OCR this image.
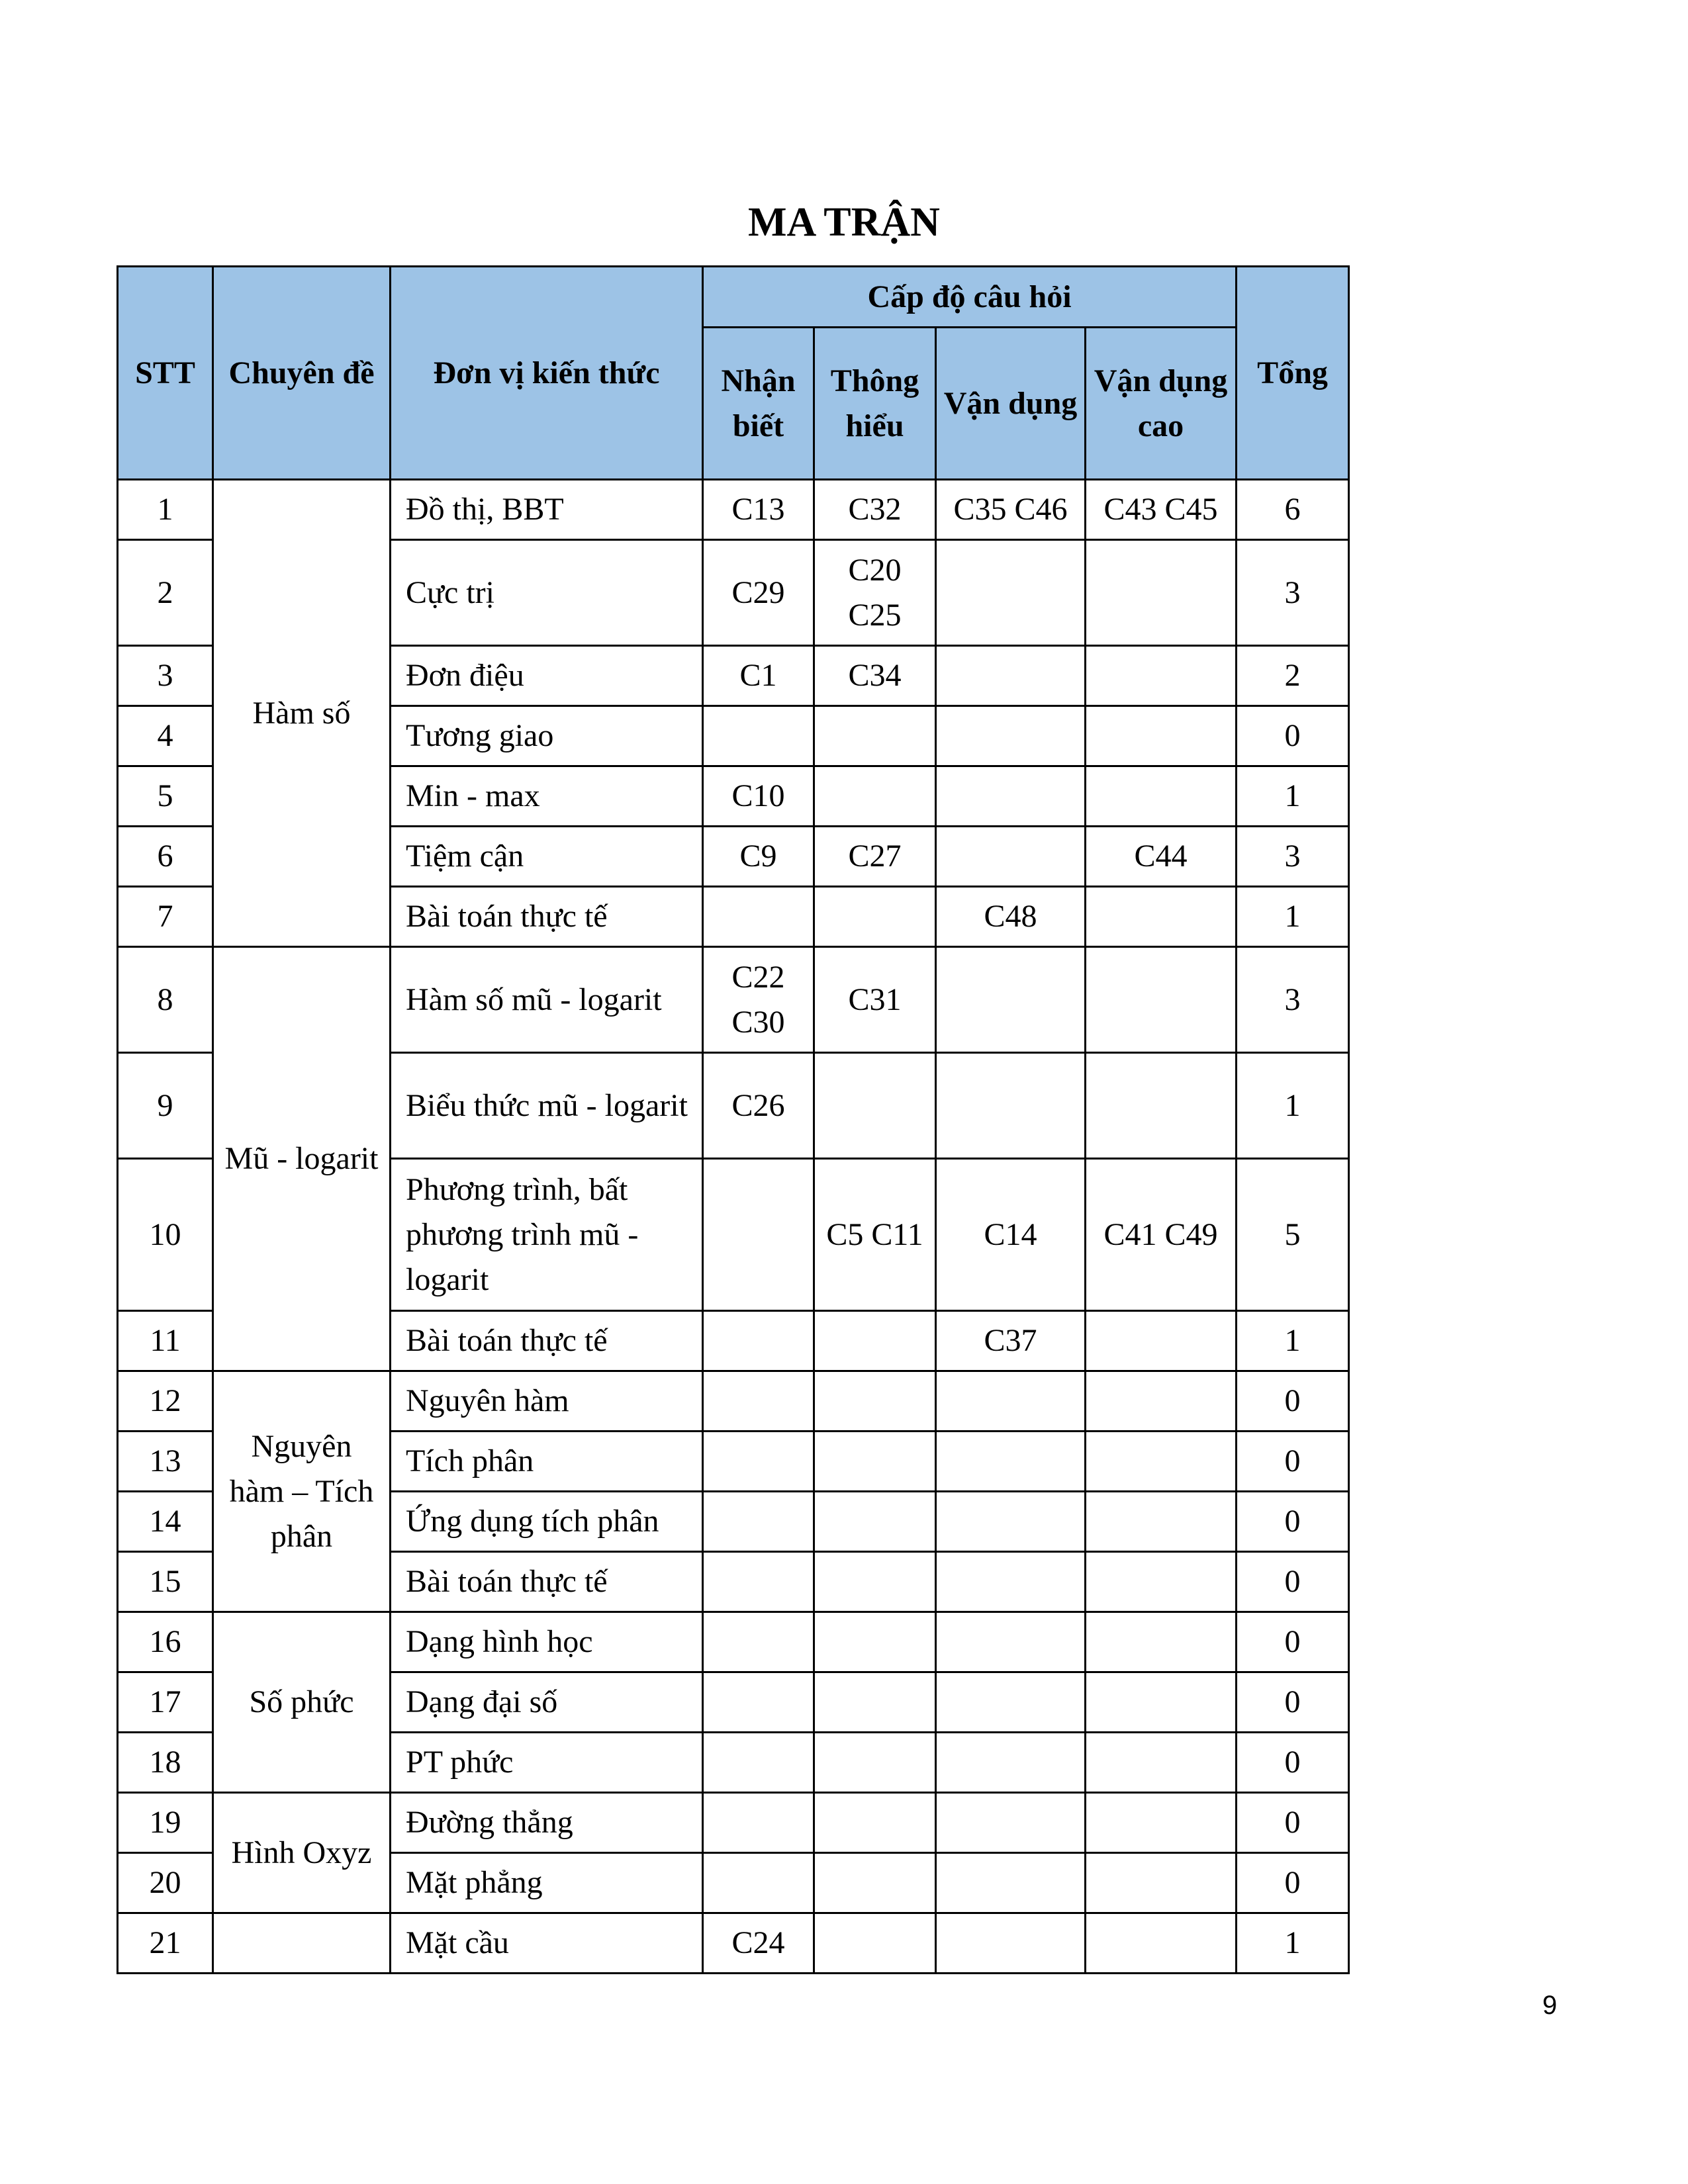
MA TRẬN
STT	Chuyên đề	Đơn vị kiến thức	Cấp độ câu hỏi				Tổng
			Nhận biết	Thông hiểu	Vận dụng	Vận dụng cao	
1	Hàm số	Đồ thị, BBT	C13	C32	C35 C46	C43 C45	6
2		Cực trị	C29	C20 C25			3
3		Đơn điệu	C1	C34			2
4		Tương giao					0
5		Min - max	C10				1
6		Tiệm cận	C9	C27		C44	3
7		Bài toán thực tế			C48		1
8	Mũ - logarit	Hàm số mũ - logarit	C22 C30	C31			3
9		Biểu thức mũ - logarit	C26				1
10		Phương trình, bất phương trình mũ - logarit		C5 C11	C14	C41 C49	5
11		Bài toán thực tế			C37		1
12	Nguyên hàm – Tích phân	Nguyên hàm					0
13		Tích phân					0
14		Ứng dụng tích phân					0
15		Bài toán thực tế					0
16	Số phức	Dạng hình học					0
17		Dạng đại số					0
18		PT phức					0
19	Hình Oxyz	Đường thẳng					0
20		Mặt phẳng					0
21		Mặt cầu	C24				1
9
